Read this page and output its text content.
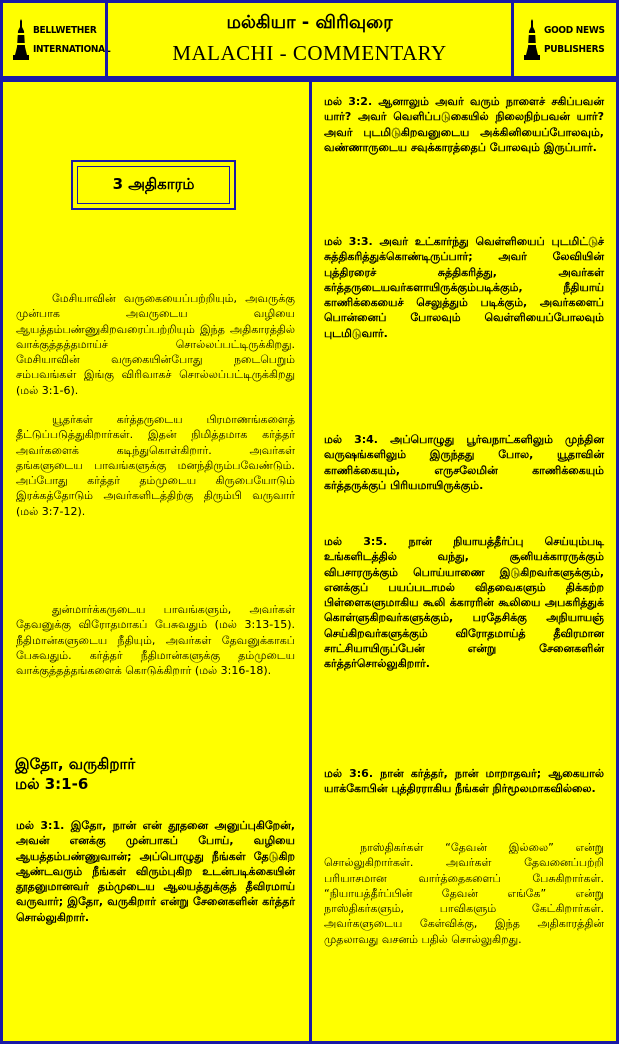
BELLWETHER
INTERNATIONAL
மல்கியா - விரிவுரை
MALACHI - COMMENTARY
GOOD NEWS
PUBLISHERS
3 அதிகாரம்
மேசியாவின் வருகையைப்பற்றியும், அவருக்கு முன்பாக அவருடைய வழியை ஆயத்தம்பண்ணுகிறவரைப்பற்றியும் இந்த அதிகாரத்தில் வாக்குத்தத்தமாய்ச் சொல்லப்பட்டிருக்கிறது. மேசியாவின் வருகையின்போது நடைபெறும் சம்பவங்கள் இங்கு விரிவாகச் சொல்லப்பட்டிருக்கிறது (மல் 3:1-6).
யூதர்கள் கர்த்தருடைய பிரமாணங்களைத் தீட்டுப்படுத்துகிறார்கள். இதன் நிமித்தமாக கர்த்தர் அவர்களைக் கடிந்துகொள்கிறார். அவர்கள் தங்களுடைய பாவங்களுக்கு மனந்திரும்பவேண்டும். அப்போது கர்த்தர் தம்முடைய கிருபையோடும் இரக்கத்தோடும் அவர்களிடத்திற்கு திரும்பி வருவார் (மல் 3:7-12).
துன்மார்க்கருடைய பாவங்களும், அவர்கள் தேவனுக்கு விரோதமாகப் பேசுவதும் (மல் 3:13-15). நீதிமான்களுடைய நீதியும், அவர்கள் தேவனுக்காகப் பேசுவதும். கர்த்தர் நீதிமான்களுக்கு தம்முடைய வாக்குத்தத்தங்களைக் கொடுக்கிறார் (மல் 3:16-18).
இதோ, வருகிறார்
மல் 3:1-6
மல் 3:1. இதோ, நான் என் தூதனை அனுப்புகிறேன், அவன் எனக்கு முன்பாகப் போய், வழியை ஆயத்தம்பண்ணுவான்; அப்பொழுது நீங்கள் தேடுகிற ஆண்டவரும் நீங்கள் விரும்புகிற உடன்படிக்கையின் தூதனுமானவர் தம்முடைய ஆலயத்துக்குத் தீவிரமாய் வருவார்; இதோ, வருகிறார் என்று சேனைகளின் கர்த்தர் சொல்லுகிறார்.
மல் 3:2. ஆனாலும் அவர் வரும் நாளைச் சகிப்பவன் யார்? அவர் வெளிப்படுகையில் நிலைநிற்பவன் யார்? அவர் புடமிடுகிறவனுடைய அக்கினியைப்போலவும், வண்ணாருடைய சவுக்காரத்தைப் போலவும் இருப்பார்.
மல் 3:3. அவர் உட்கார்ந்து வெள்ளியைப் புடமிட்டுச் சுத்திகரித்துக்கொண்டிருப்பார்; அவர் லேவியின் புத்திரரைச் சுத்திகரித்து, அவர்கள் கர்த்தருடையவர்களாயிருக்கும்படிக்கும், நீதியாய் காணிக்கையைச் செலுத்தும் படிக்கும், அவர்களைப் பொன்னைப் போலவும் வெள்ளியைப்போலவும் புடமிடுவார்.
மல் 3:4. அப்பொழுது பூர்வநாட்களிலும் முந்தின வருஷங்களிலும் இருந்தது போல, யூதாவின் காணிக்கையும், எருசலேமின் காணிக்கையும் கர்த்தருக்குப் பிரியமாயிருக்கும்.
மல் 3:5. நான் நியாயத்தீர்ப்பு செய்யும்படி உங்களிடத்தில் வந்து, சூனியக்காரருக்கும் விபசாரருக்கும் பொய்யாணை இடுகிறவர்களுக்கும், எனக்குப் பயப்படாமல் விதவைகளும் திக்கற்ற பிள்ளைகளுமாகிய கூலி க்காரரின் கூலியை அபகரித்துக் கொள்ளுகிறவர்களுக்கும், பரதேசிக்கு அநியாயஞ் செய்கிறவர்களுக்கும் விரோதமாய்த் தீவிரமான சாட்சியாயிருப்பேன் என்று சேனைகளின் கர்த்தர்சொல்லுகிறார்.
மல் 3:6. நான் கர்த்தர், நான் மாறாதவர்; ஆகையால் யாக்கோபின் புத்திரராகிய நீங்கள் நிர்மூலமாகவில்லை.
நாஸ்திகர்கள் “தேவன் இல்லை” என்று சொல்லுகிறார்கள். அவர்கள் தேவனைப்பற்றி பரியாசமான வார்த்தைகளைப் பேசுகிறார்கள். “நியாயத்தீர்ப்பின் தேவன் எங்கே” என்று நாஸ்திகர்களும், பாவிகளும் கேட்கிறார்கள். அவர்களுடைய கேள்விக்கு, இந்த அதிகாரத்தின் முதலாவது வசனம் பதில் சொல்லுகிறது.
